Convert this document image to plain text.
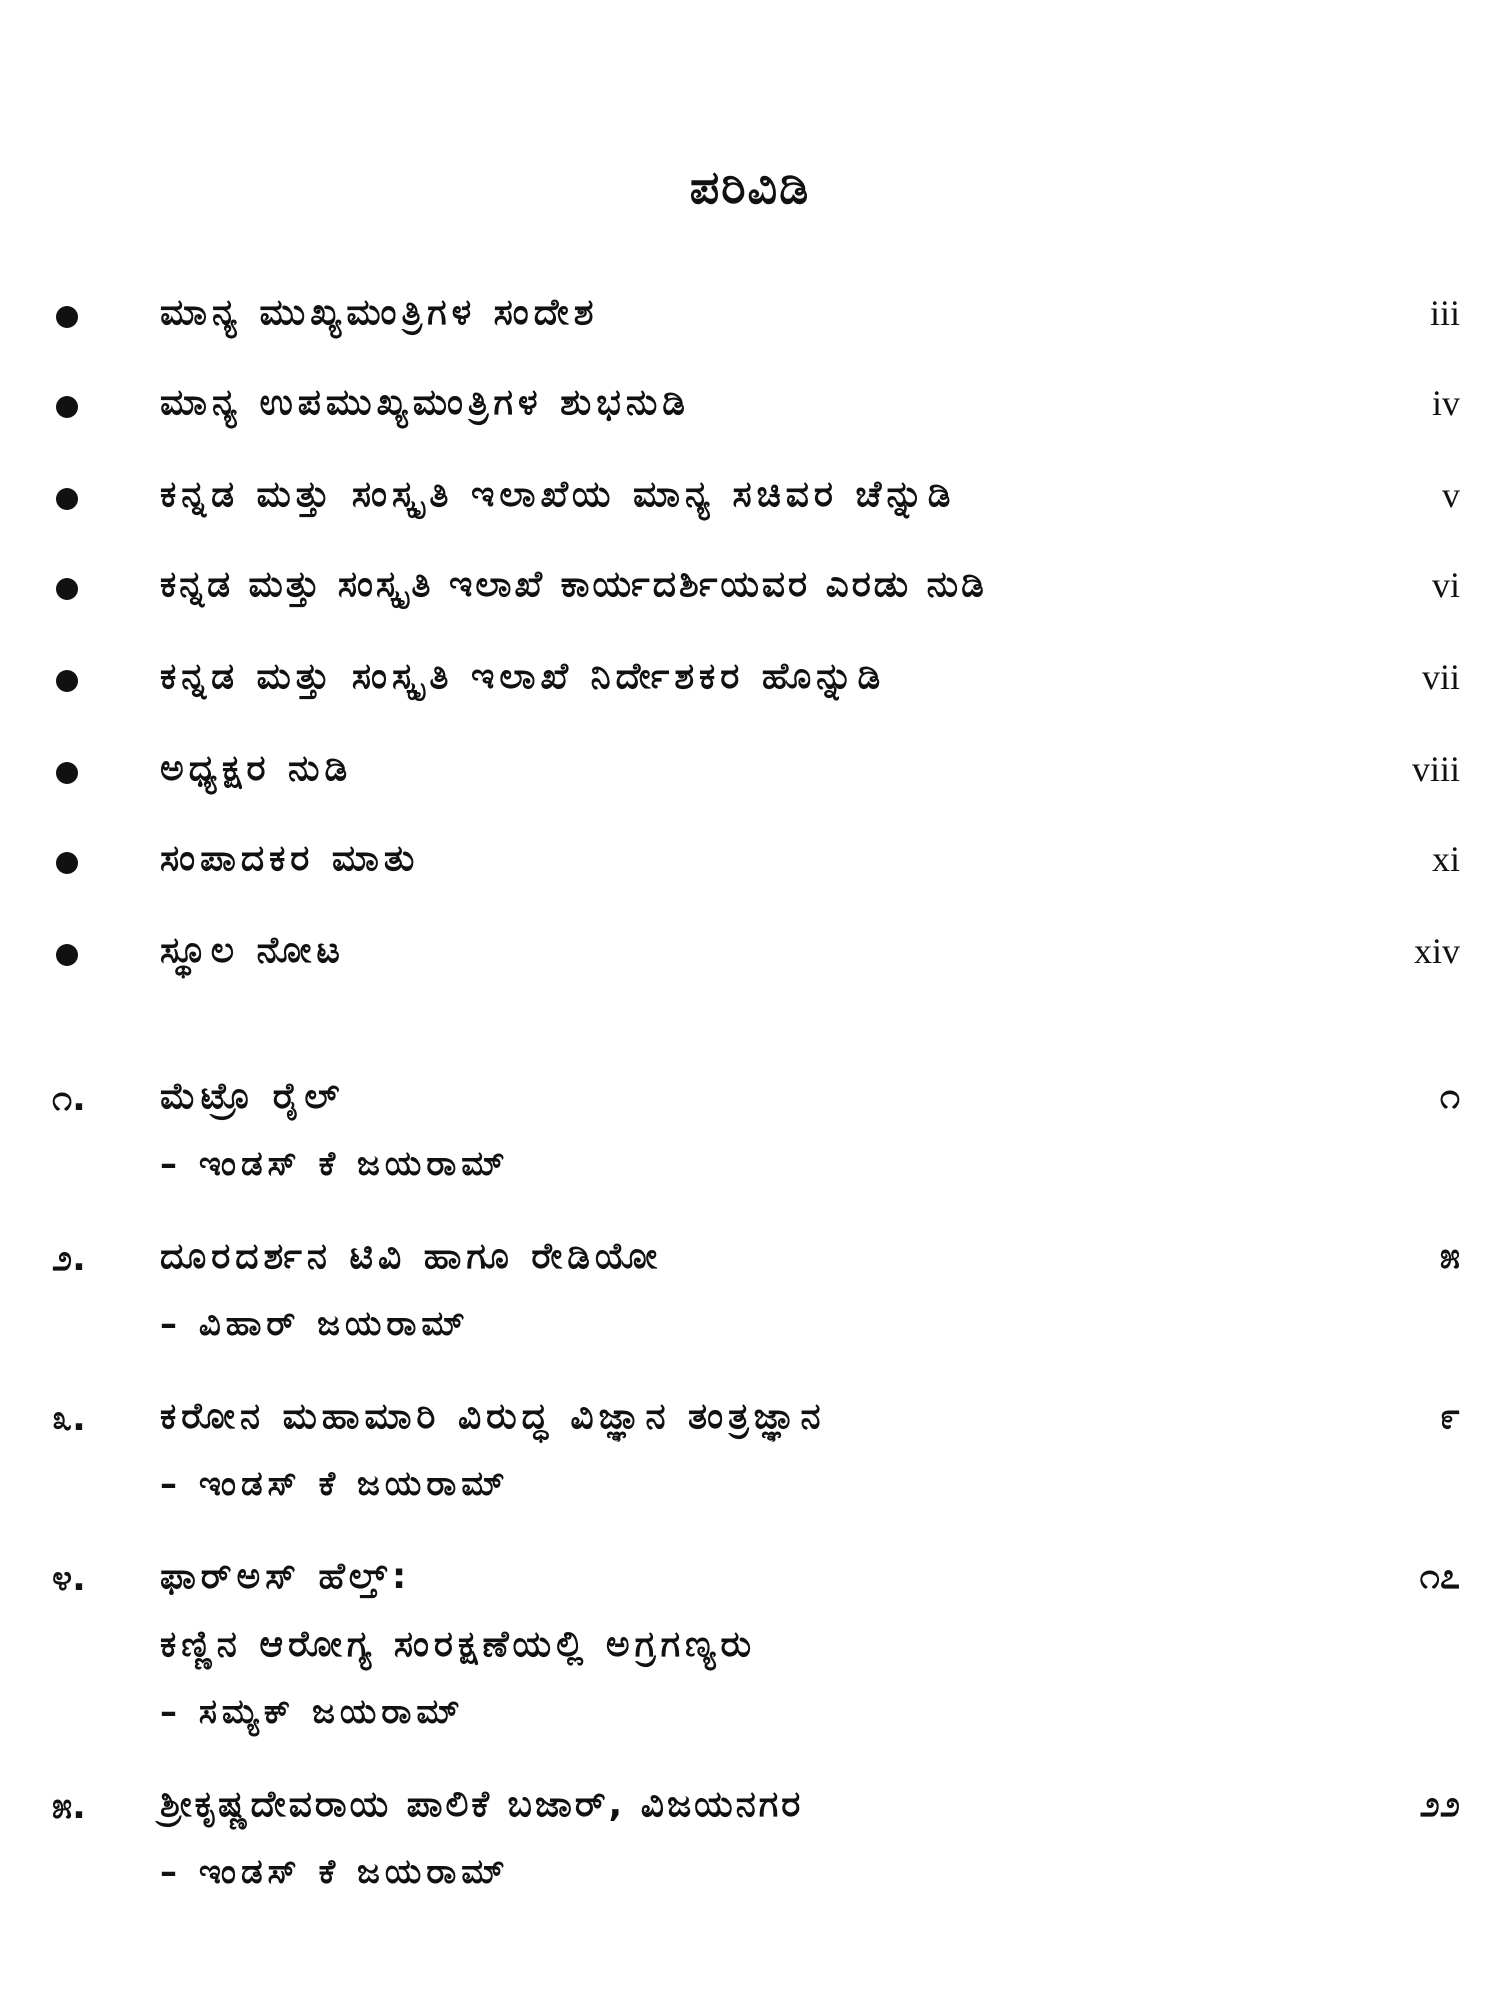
ಪರಿವಿಡಿ
ಮಾನ್ಯ ಮುಖ್ಯಮಂತ್ರಿಗಳ ಸಂದೇಶ	iii
ಮಾನ್ಯ ಉಪಮುಖ್ಯಮಂತ್ರಿಗಳ ಶುಭನುಡಿ	iv
ಕನ್ನಡ ಮತ್ತು ಸಂಸ್ಕೃತಿ ಇಲಾಖೆಯ ಮಾನ್ಯ ಸಚಿವರ ಚೆನ್ನುಡಿ	v
ಕನ್ನಡ ಮತ್ತು ಸಂಸ್ಕೃತಿ ಇಲಾಖೆ ಕಾರ್ಯದರ್ಶಿಯವರ ಎರಡು ನುಡಿ	vi
ಕನ್ನಡ ಮತ್ತು ಸಂಸ್ಕೃತಿ ಇಲಾಖೆ ನಿರ್ದೇಶಕರ ಹೊನ್ನುಡಿ	vii
ಅಧ್ಯಕ್ಷರ ನುಡಿ	viii
ಸಂಪಾದಕರ ಮಾತು	xi
ಸ್ಥೂಲ ನೋಟ	xiv
೧. ಮೆಟ್ರೊ ರೈಲ್	೧
– ಇಂಡಸ್ ಕೆ ಜಯರಾಮ್
೨. ದೂರದರ್ಶನ ಟಿವಿ ಹಾಗೂ ರೇಡಿಯೋ	೫
– ವಿಹಾರ್ ಜಯರಾಮ್
೩. ಕರೋನ ಮಹಾಮಾರಿ ವಿರುದ್ಧ ವಿಜ್ಞಾನ ತಂತ್ರಜ್ಞಾನ	೯
– ಇಂಡಸ್ ಕೆ ಜಯರಾಮ್
೪. ಫಾರ್‌ಅಸ್ ಹೆಲ್ತ್:	೧೭
ಕಣ್ಣಿನ ಆರೋಗ್ಯ ಸಂರಕ್ಷಣೆಯಲ್ಲಿ ಅಗ್ರಗಣ್ಯರು
– ಸಮ್ಯಕ್ ಜಯರಾಮ್
೫. ಶ್ರೀಕೃಷ್ಣದೇವರಾಯ ಪಾಲಿಕೆ ಬಜಾರ್, ವಿಜಯನಗರ	೨೨
– ಇಂಡಸ್ ಕೆ ಜಯರಾಮ್
